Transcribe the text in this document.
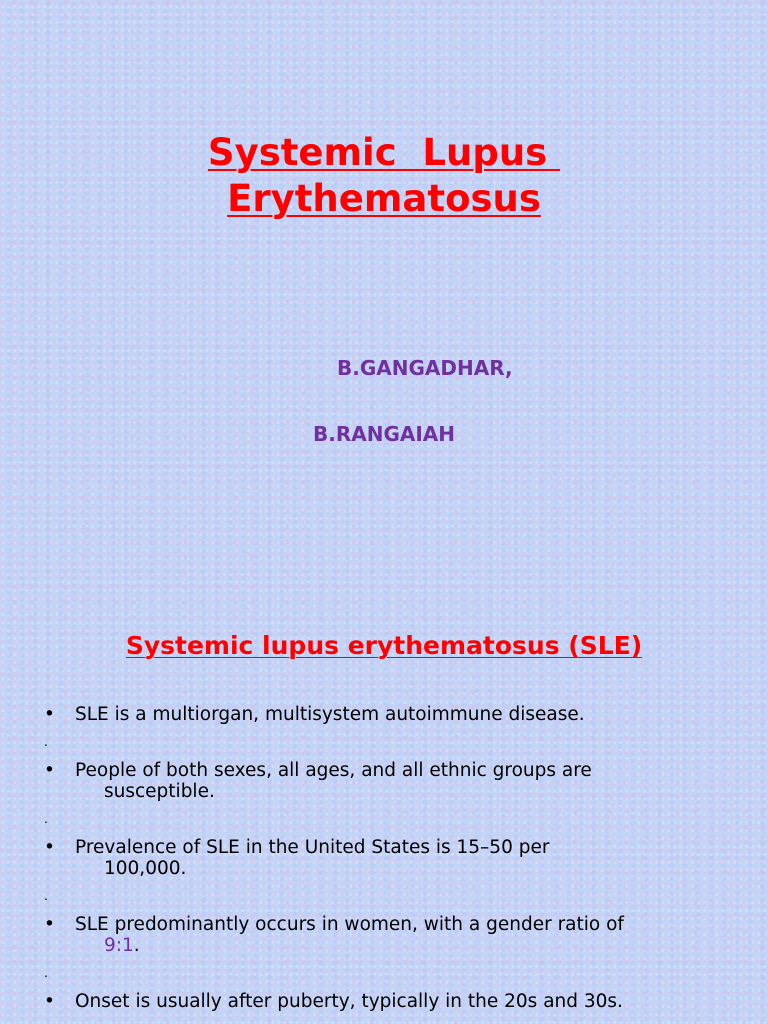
Systemic  Lupus
Erythematosus

B.GANGADHAR,

B.RANGAIAH

Systemic lupus erythematosus (SLE)
• SLE is a multiorgan, multisystem autoimmune disease.
.
• People of both sexes, all ages, and all ethnic groups are
susceptible.
.
• Prevalence of SLE in the United States is 15–50 per
100,000.
.
• SLE predominantly occurs in women, with a gender ratio of
9:1.
.
• Onset is usually after puberty, typically in the 20s and 30s.
